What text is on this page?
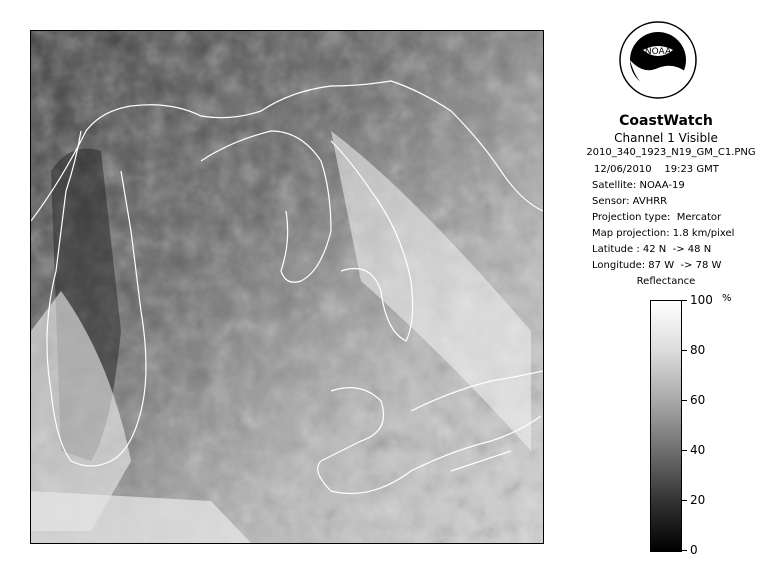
NOAA
CoastWatch
Channel 1 Visible
2010_340_1923_N19_GM_C1.PNG
12/06/2010    19:23 GMT
Satellite: NOAA-19
Sensor: AVHRR
Projection type:  Mercator
Map projection: 1.8 km/pixel
Latitude : 42 N  -> 48 N
Longitude: 87 W  -> 78 W
Reflectance
%
100
80
60
40
20
0
